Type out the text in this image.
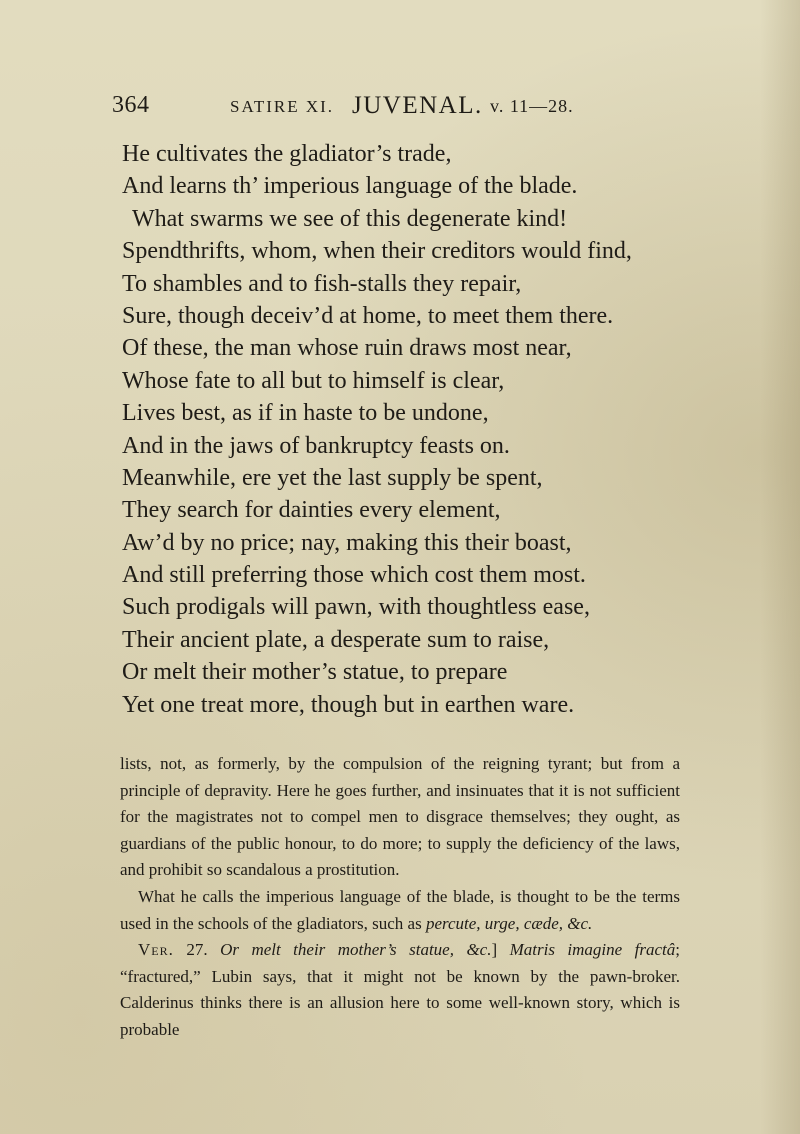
364	SATIRE XI. JUVENAL. v. 11—28.
He cultivates the gladiator’s trade,
And learns th’ imperious language of the blade.
What swarms we see of this degenerate kind!
Spendthrifts, whom, when their creditors would find,
To shambles and to fish-stalls they repair,
Sure, though deceiv’d at home, to meet them there.
Of these, the man whose ruin draws most near,
Whose fate to all but to himself is clear,
Lives best, as if in haste to be undone,
And in the jaws of bankruptcy feasts on.
Meanwhile, ere yet the last supply be spent,
They search for dainties every element,
Aw’d by no price; nay, making this their boast,
And still preferring those which cost them most.
Such prodigals will pawn, with thoughtless ease,
Their ancient plate, a desperate sum to raise,
Or melt their mother’s statue, to prepare
Yet one treat more, though but in earthen ware.

lists, not, as formerly, by the compulsion of the reigning tyrant; but from a principle of depravity. Here he goes further, and insinuates that it is not sufficient for the magistrates not to compel men to disgrace themselves; they ought, as guardians of the public honour, to do more; to supply the deficiency of the laws, and prohibit so scandalous a prostitution.

What he calls the imperious language of the blade, is thought to be the terms used in the schools of the gladiators, such as percute, urge, cæde, &c.

Ver. 27. Or melt their mother’s statue, &c.] Matris imagine fractâ; “fractured,” Lubin says, that it might not be known by the pawn-broker. Calderinus thinks there is an allusion here to some well-known story, which is probable
